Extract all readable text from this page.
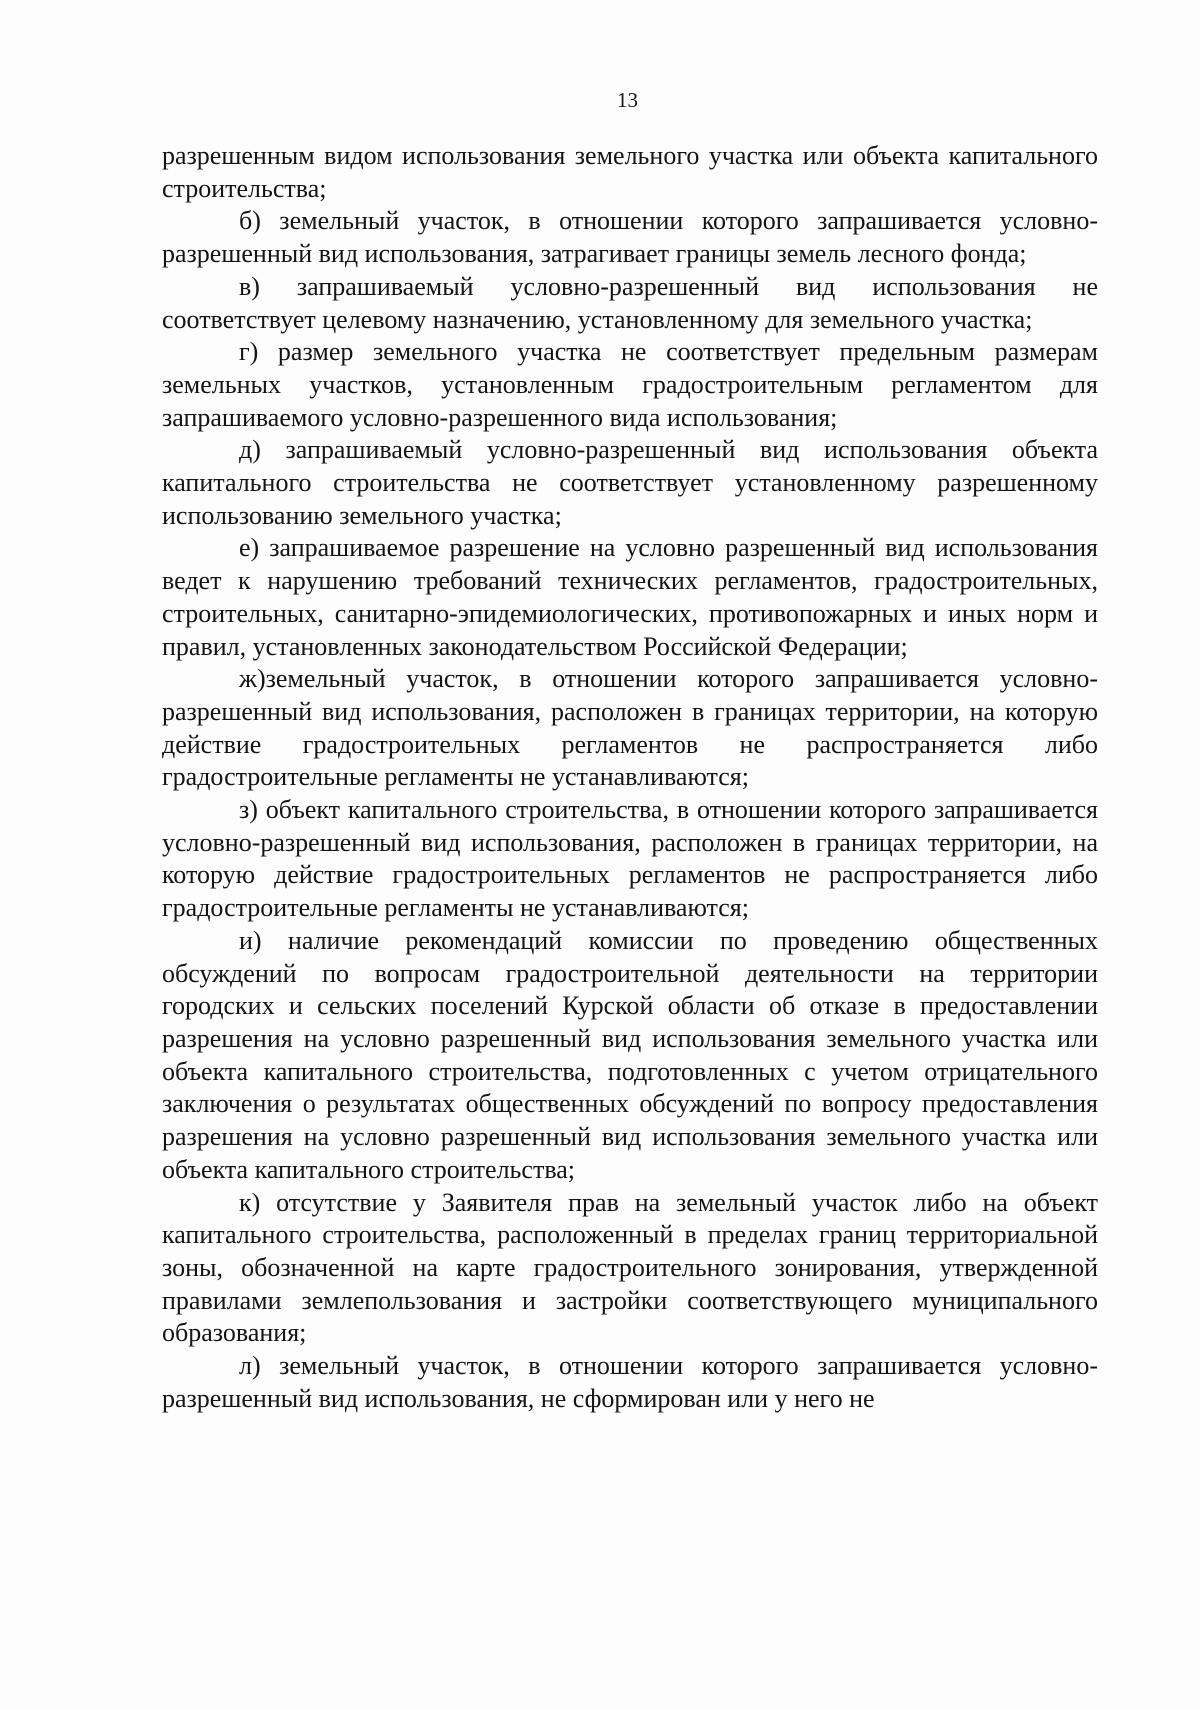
13

разрешенным видом использования земельного участка или объекта капитального строительства;

б) земельный участок, в отношении которого запрашивается условно-разрешенный вид использования, затрагивает границы земель лесного фонда;

в) запрашиваемый условно-разрешенный вид использования не соответствует целевому назначению, установленному для земельного участка;

г) размер земельного участка не соответствует предельным размерам земельных участков, установленным градостроительным регламентом для запрашиваемого условно-разрешенного вида использования;

д) запрашиваемый условно-разрешенный вид использования объекта капитального строительства не соответствует установленному разрешенному использованию земельного участка;

е) запрашиваемое разрешение на условно разрешенный вид использования ведет к нарушению требований технических регламентов, градостроительных, строительных, санитарно-эпидемиологических, противопожарных и иных норм и правил, установленных законодательством Российской Федерации;

ж)земельный участок, в отношении которого запрашивается условно-разрешенный вид использования, расположен в границах территории, на которую действие градостроительных регламентов не распространяется либо градостроительные регламенты не устанавливаются;

з) объект капитального строительства, в отношении которого запрашивается условно-разрешенный вид использования, расположен в границах территории, на которую действие градостроительных регламентов не распространяется либо градостроительные регламенты не устанавливаются;

и) наличие рекомендаций комиссии по проведению общественных обсуждений по вопросам градостроительной деятельности на территории городских и сельских поселений Курской области об отказе в предоставлении разрешения на условно разрешенный вид использования земельного участка или объекта капитального строительства, подготовленных с учетом отрицательного заключения о результатах общественных обсуждений по вопросу предоставления разрешения на условно разрешенный вид использования земельного участка или объекта капитального строительства;

к) отсутствие у Заявителя прав на земельный участок либо на объект капитального строительства, расположенный в пределах границ территориальной зоны, обозначенной на карте градостроительного зонирования, утвержденной правилами землепользования и застройки соответствующего муниципального образования;

л) земельный участок, в отношении которого запрашивается условно-разрешенный вид использования, не сформирован или у него не
